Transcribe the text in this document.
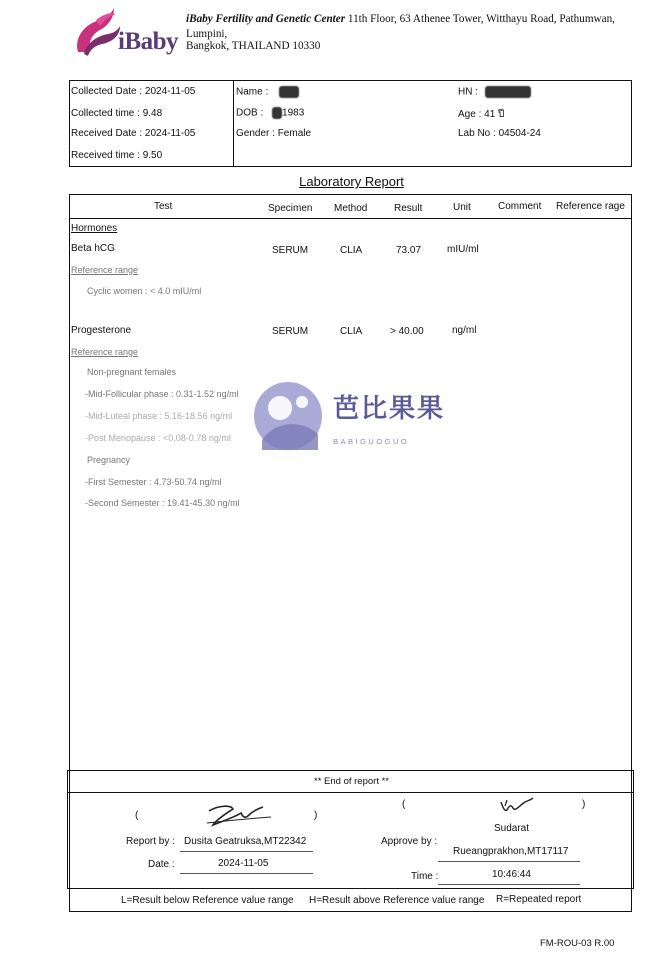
iBaby
iBaby Fertility and Genetic Center 11th Floor, 63 Athenee Tower, Witthayu Road, Pathumwan,
Lumpini,
Bangkok, THAILAND 10330
Collected Date : 2024-11-05
Collected time : 9.48
Received Date : 2024-11-05
Received time : 9.50
Name :
DOB : 1983
Gender : Female
HN :
Age : 41 ปี
Lab No : 04504-24
Laboratory Report
Test	Specimen Method	Result	Unit	Comment Reference rage
Hormones
Beta hCG	SERUM	CLIA	73.07	mIU/ml
Reference range
Cyclic women : < 4.0 mIU/ml
Progesterone	SERUM	CLIA	> 40.00	ng/ml
Reference range
Non-pregnant females
-Mid-Follicular phase : 0.31-1.52 ng/ml
-Mid-Luteal phase : 5.16-18.56 ng/ml
-Post Menopause : <0.08-0.78 ng/ml
Pregnancy
-First Semester : 4.73-50.74 ng/ml
-Second Semester : 19.41-45.30 ng/ml
芭比果果
BABIGUOGUO
** End of report **
(	)
Report by : Dusita Geatruksa,MT22342
Date :	2024-11-05
(	)
Sudarat
Approve by :
Rueangprakhon,MT17117
Time :	10:46:44
L=Result below Reference value range H=Result above Reference value range R=Repeated report
FM-ROU-03 R.00
